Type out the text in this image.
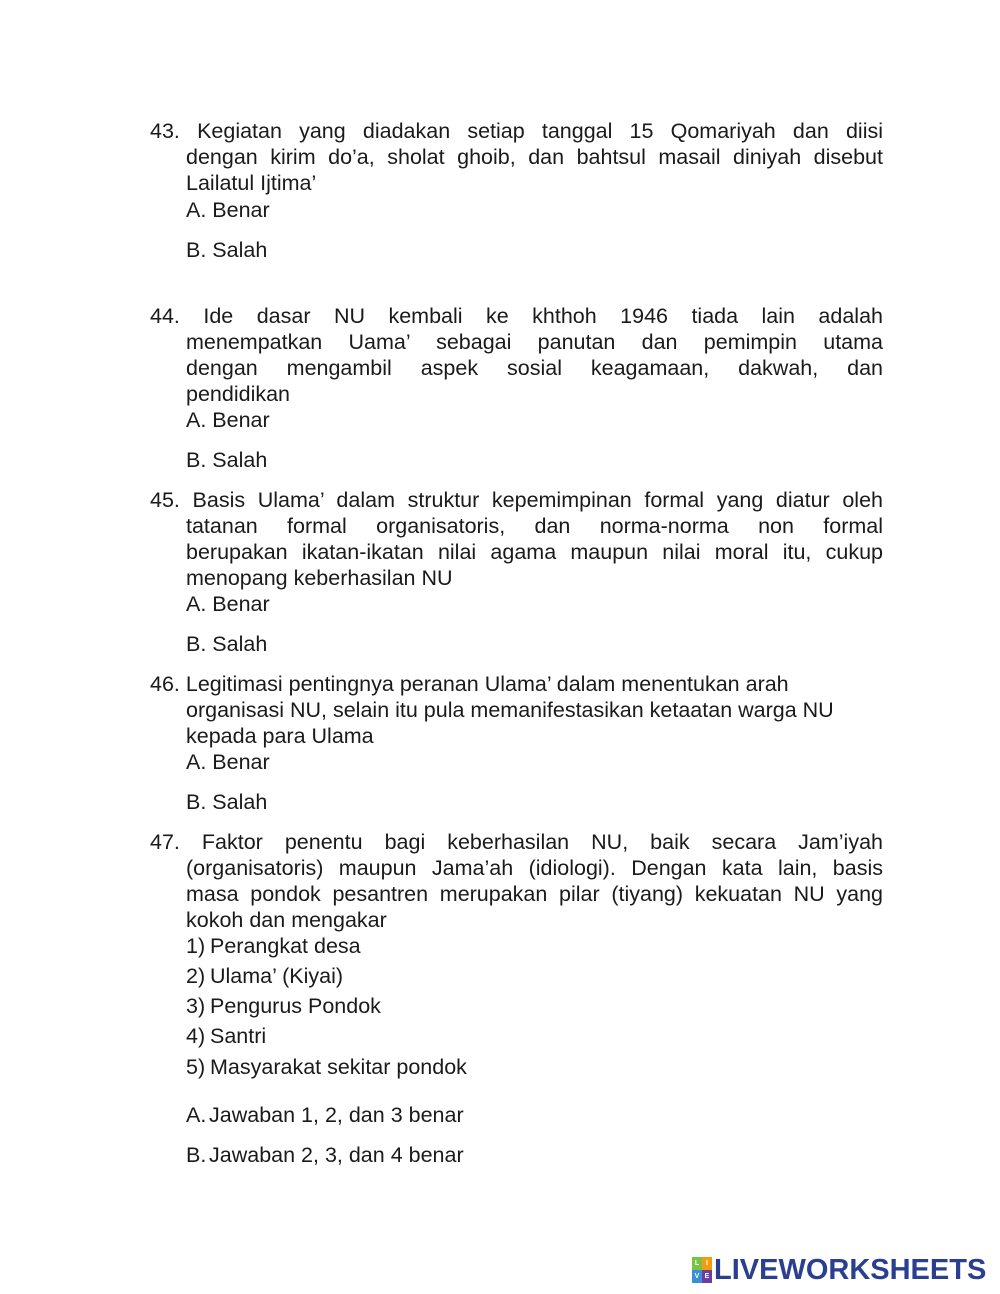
43. Kegiatan yang diadakan setiap tanggal 15 Qomariyah dan diisi
dengan kirim do’a, sholat ghoib, dan bahtsul masail diniyah disebut
Lailatul Ijtima’
A. Benar
B. Salah
44. Ide dasar NU kembali ke khthoh 1946 tiada lain adalah
menempatkan Uama’ sebagai panutan dan pemimpin utama
dengan mengambil aspek sosial keagamaan, dakwah, dan
pendidikan
A. Benar
B. Salah
45. Basis Ulama’ dalam struktur kepemimpinan formal yang diatur oleh
tatanan formal organisatoris, dan norma-norma non formal
berupakan ikatan-ikatan nilai agama maupun nilai moral itu, cukup
menopang keberhasilan NU
A. Benar
B. Salah
46. Legitimasi pentingnya peranan Ulama’ dalam menentukan arah
organisasi NU, selain itu pula memanifestasikan ketaatan warga NU
kepada para Ulama
A. Benar
B. Salah
47. Faktor penentu bagi keberhasilan NU, baik secara Jam’iyah
(organisatoris) maupun Jama’ah (idiologi). Dengan kata lain, basis
masa pondok pesantren merupakan pilar (tiyang) kekuatan NU yang
kokoh dan mengakar
1) Perangkat desa
2) Ulama’ (Kiyai)
3) Pengurus Pondok
4) Santri
5) Masyarakat sekitar pondok
A. Jawaban 1, 2, dan 3 benar
B. Jawaban 2, 3, dan 4 benar
L I
V E LIVEWORKSHEETS
